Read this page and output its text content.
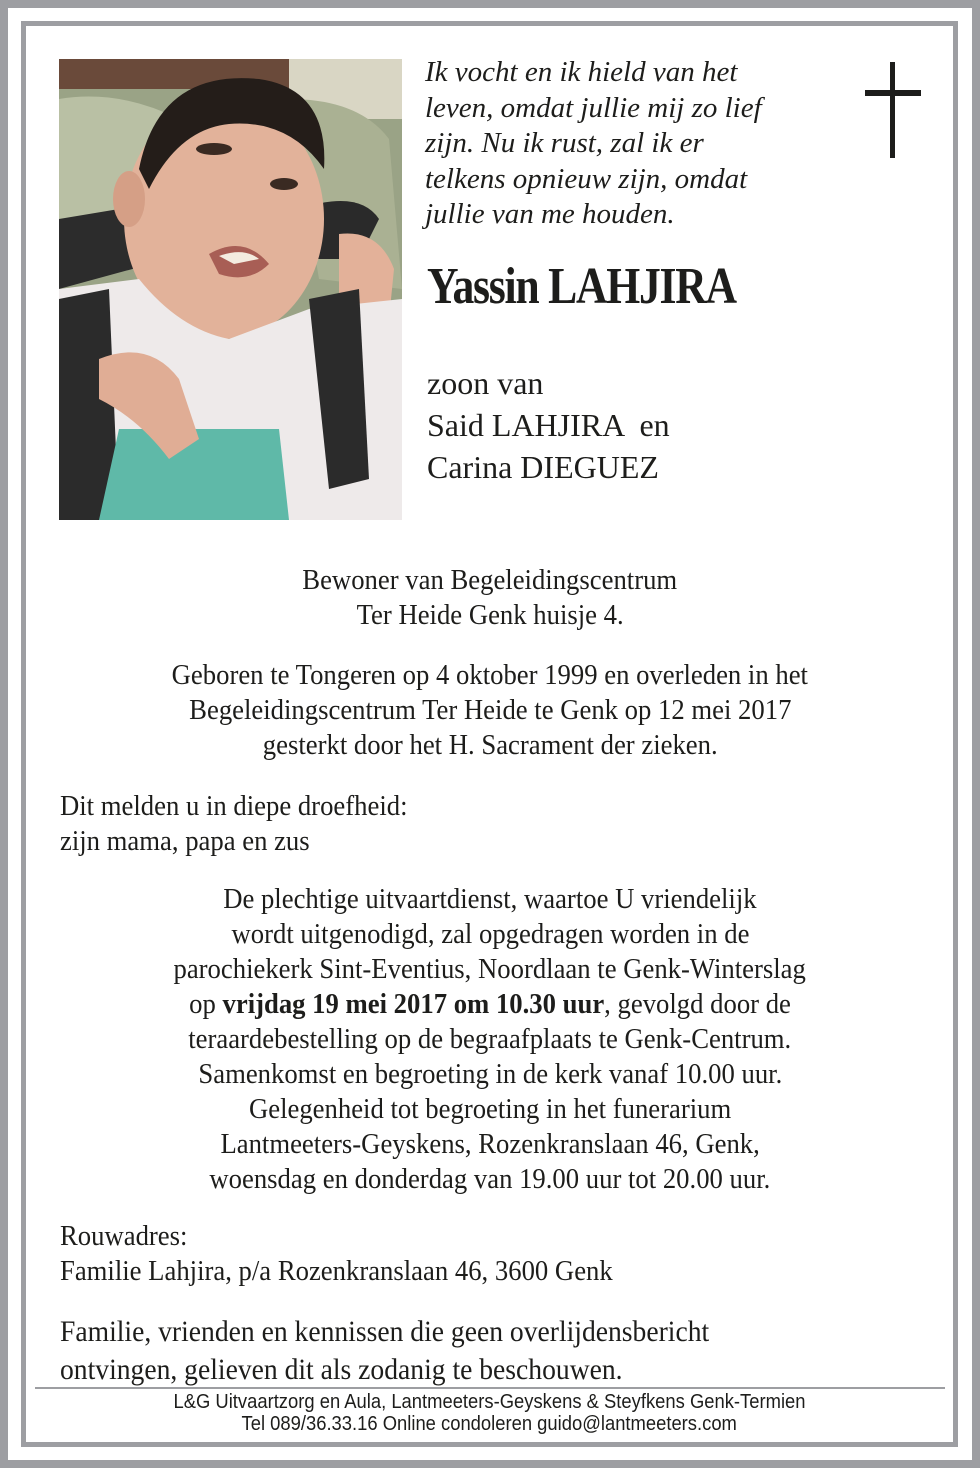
Ik vocht en ik hield van het
leven, omdat jullie mij zo lief
zijn. Nu ik rust, zal ik er
telkens opnieuw zijn, omdat
jullie van me houden.
Yassin LAHJIRA
zoon van
Said LAHJIRA  en
Carina DIEGUEZ
Bewoner van Begeleidingscentrum
Ter Heide Genk huisje 4.
Geboren te Tongeren op 4 oktober 1999 en overleden in het
Begeleidingscentrum Ter Heide te Genk op 12 mei 2017
gesterkt door het H. Sacrament der zieken.
Dit melden u in diepe droefheid:
zijn mama, papa en zus
De plechtige uitvaartdienst, waartoe U vriendelijk
wordt uitgenodigd, zal opgedragen worden in de
parochiekerk Sint-Eventius, Noordlaan te Genk-Winterslag
op vrijdag 19 mei 2017 om 10.30 uur, gevolgd door de
teraardebestelling op de begraafplaats te Genk-Centrum.
Samenkomst en begroeting in de kerk vanaf 10.00 uur.
Gelegenheid tot begroeting in het funerarium
Lantmeeters-Geyskens, Rozenkranslaan 46, Genk,
woensdag en donderdag van 19.00 uur tot 20.00 uur.
Rouwadres:
Familie Lahjira, p/a Rozenkranslaan 46, 3600 Genk
Familie, vrienden en kennissen die geen overlijdensbericht
ontvingen, gelieven dit als zodanig te beschouwen.
L&G Uitvaartzorg en Aula, Lantmeeters-Geyskens & Steyfkens Genk-Termien
Tel 089/36.33.16 Online condoleren guido@lantmeeters.com
